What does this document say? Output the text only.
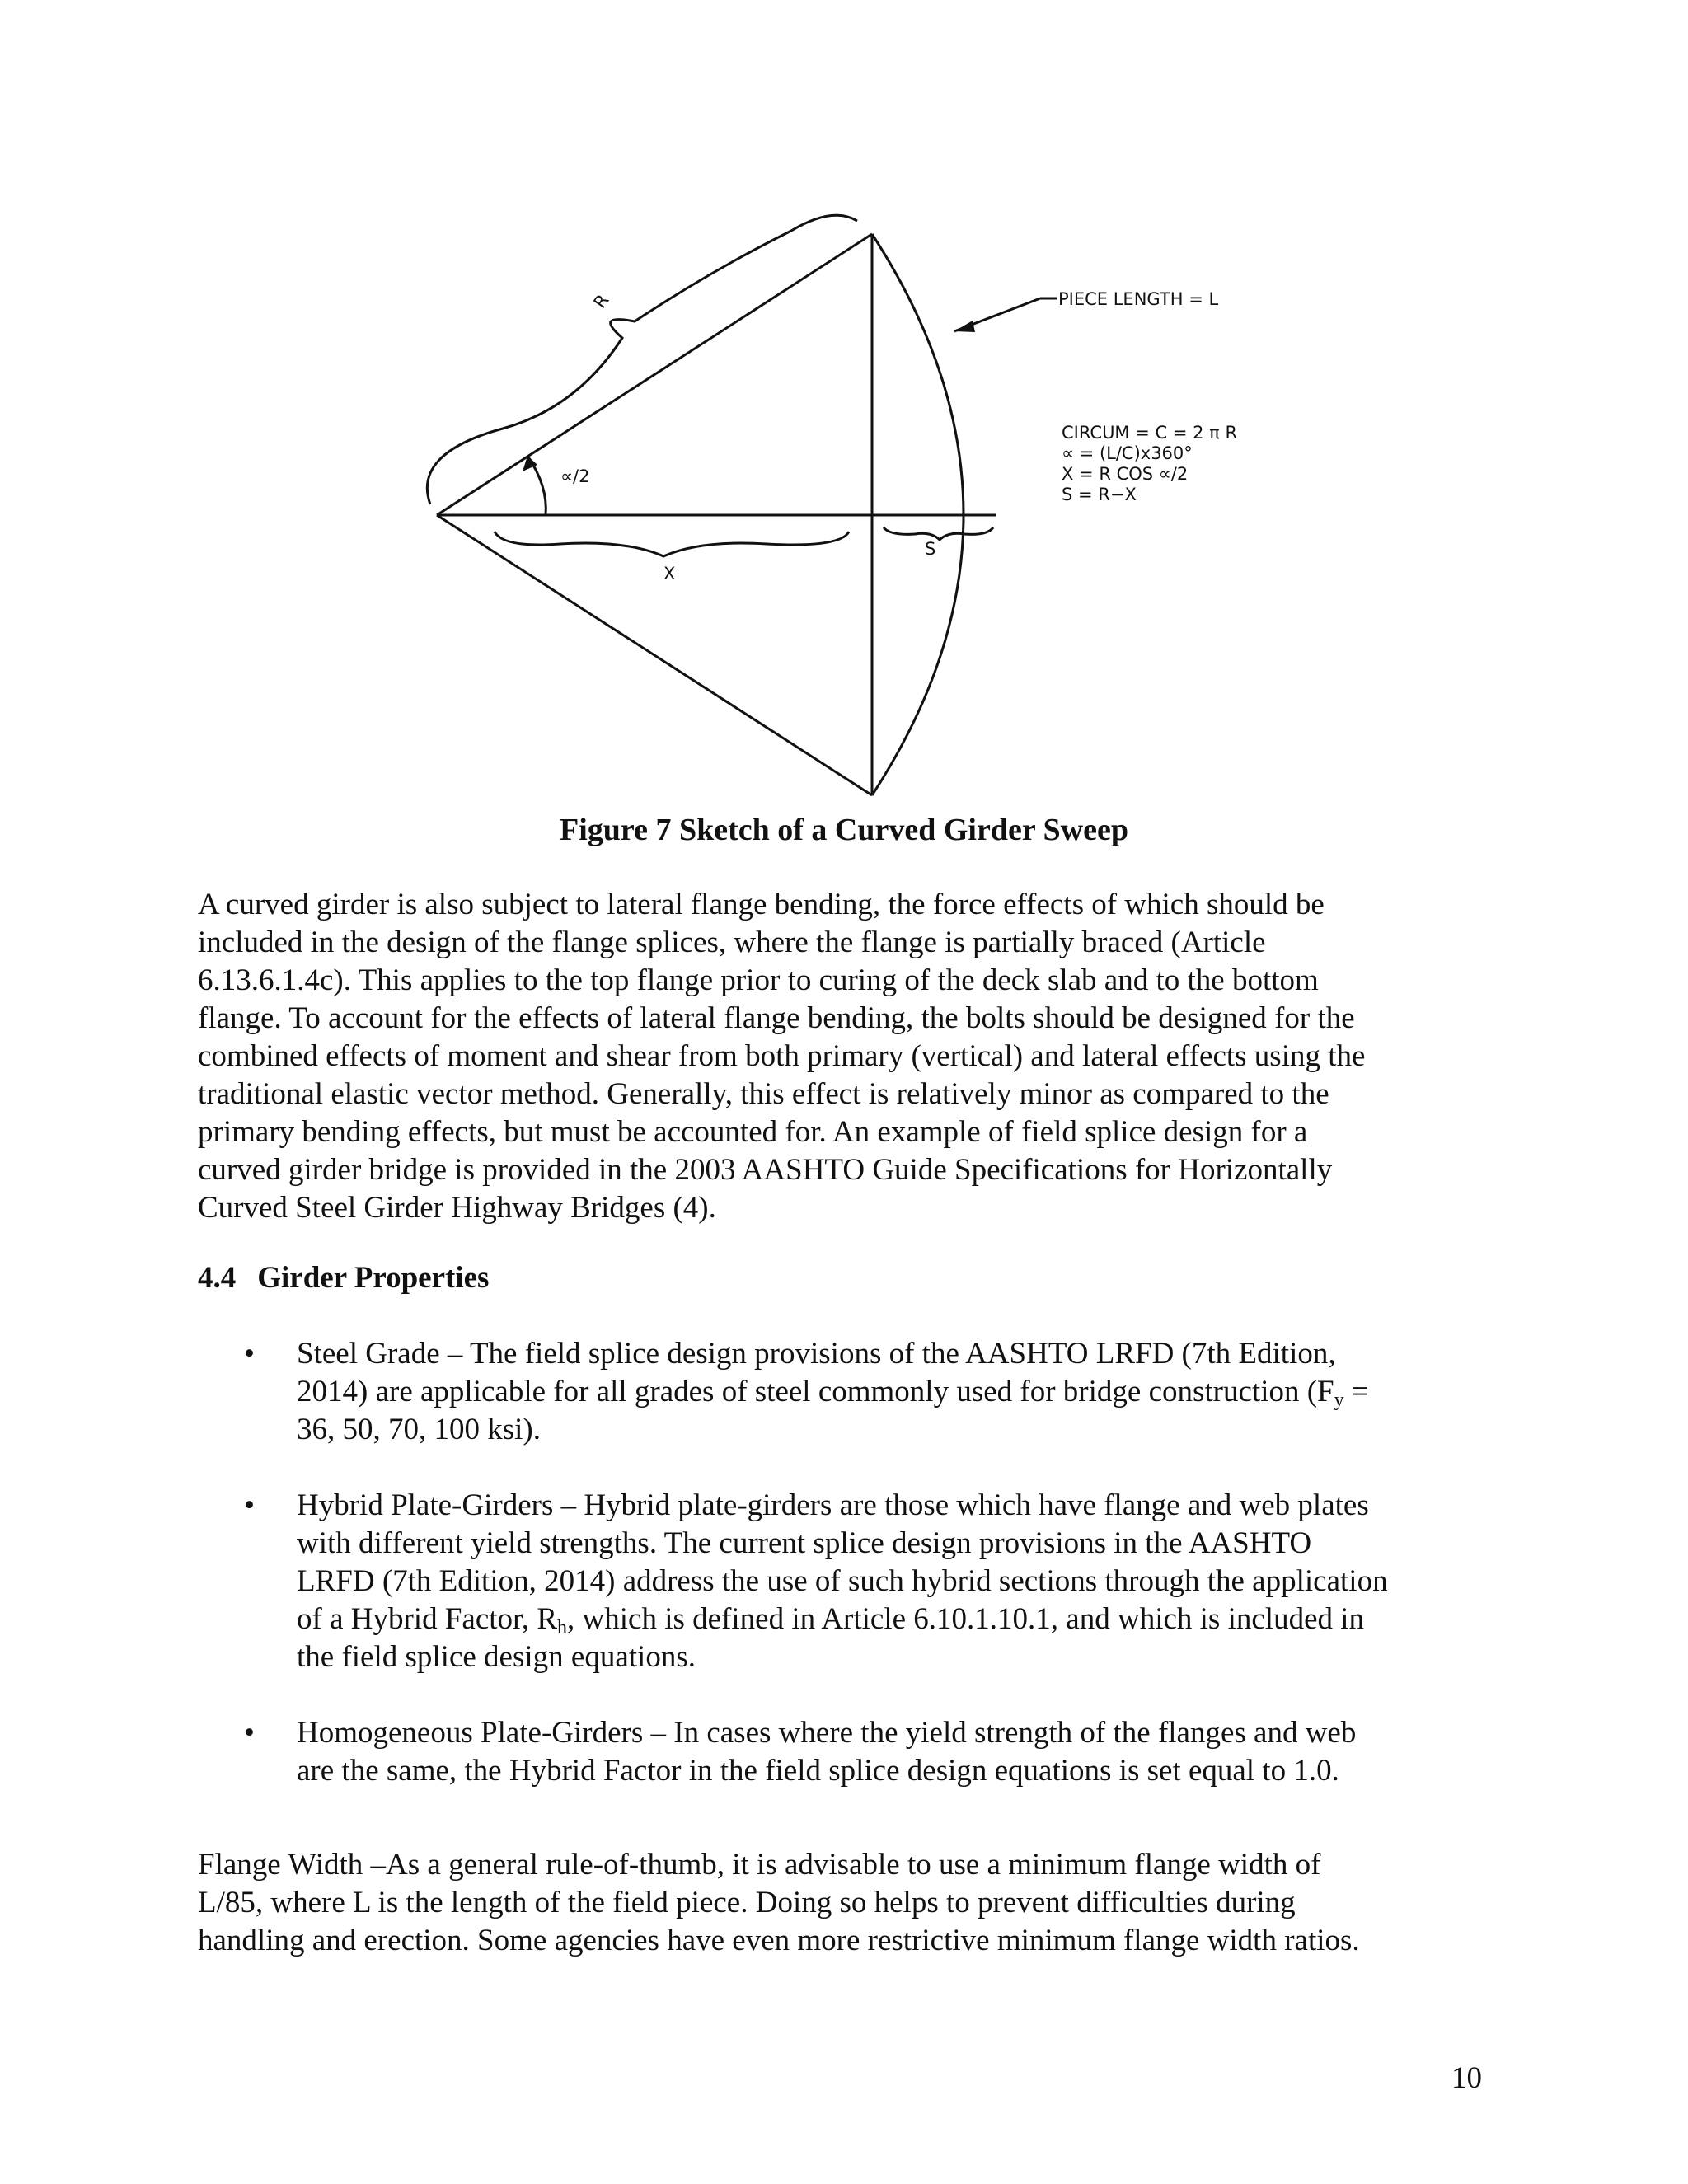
R
∝/2
X
S
PIECE LENGTH = L
CIRCUM = C = 2 π R
∝ = (L/C)x360°
X = R COS ∝/2
S = R−X

Figure 7 Sketch of a Curved Girder Sweep

A curved girder is also subject to lateral flange bending, the force effects of which should be
included in the design of the flange splices, where the flange is partially braced (Article
6.13.6.1.4c). This applies to the top flange prior to curing of the deck slab and to the bottom
flange. To account for the effects of lateral flange bending, the bolts should be designed for the
combined effects of moment and shear from both primary (vertical) and lateral effects using the
traditional elastic vector method. Generally, this effect is relatively minor as compared to the
primary bending effects, but must be accounted for. An example of field splice design for a
curved girder bridge is provided in the 2003 AASHTO Guide Specifications for Horizontally
Curved Steel Girder Highway Bridges (4).

4.4 Girder Properties
• Steel Grade – The field splice design provisions of the AASHTO LRFD (7th Edition,
2014) are applicable for all grades of steel commonly used for bridge construction ($F_y$ =
36, 50, 70, 100 ksi).
• Hybrid Plate-Girders – Hybrid plate-girders are those which have flange and web plates
with different yield strengths. The current splice design provisions in the AASHTO
LRFD (7th Edition, 2014) address the use of such hybrid sections through the application
of a Hybrid Factor, $R_h$, which is defined in Article 6.10.1.10.1, and which is included in
the field splice design equations.
• Homogeneous Plate-Girders – In cases where the yield strength of the flanges and web
are the same, the Hybrid Factor in the field splice design equations is set equal to 1.0.

Flange Width –As a general rule-of-thumb, it is advisable to use a minimum flange width of
L/85, where L is the length of the field piece. Doing so helps to prevent difficulties during
handling and erection. Some agencies have even more restrictive minimum flange width ratios.

10
